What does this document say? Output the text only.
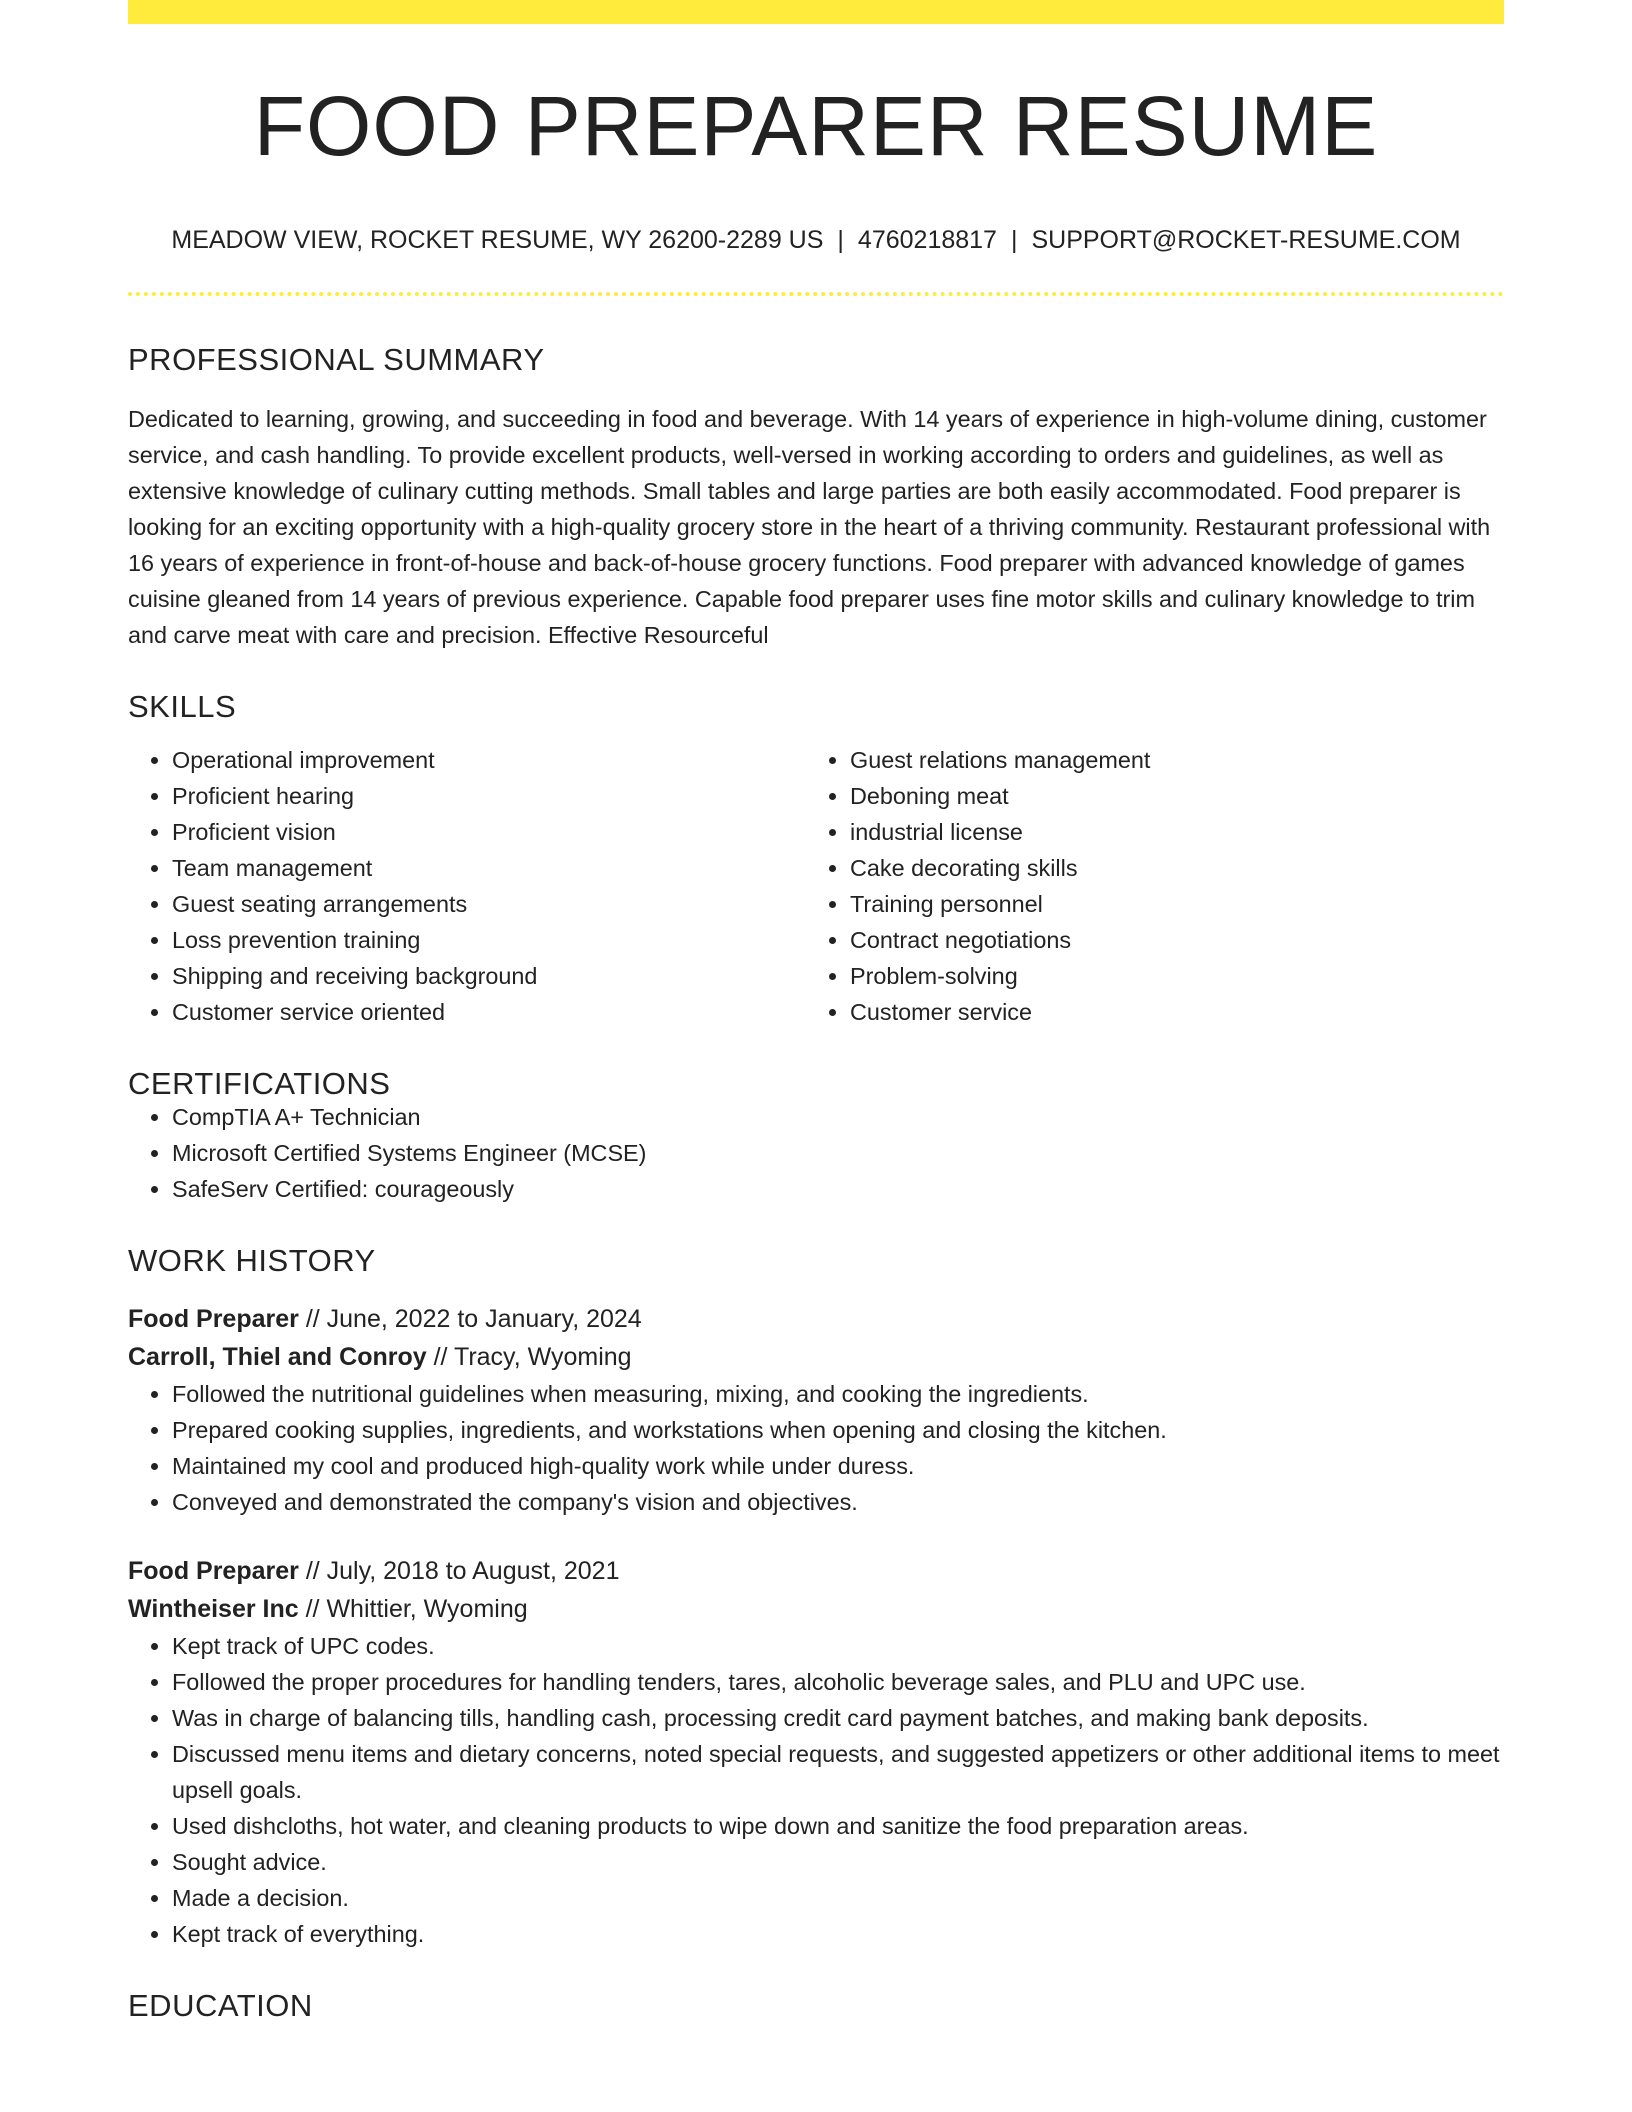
FOOD PREPARER RESUME
MEADOW VIEW, ROCKET RESUME, WY 26200-2289 US | 4760218817 | SUPPORT@ROCKET-RESUME.COM
PROFESSIONAL SUMMARY

Dedicated to learning, growing, and succeeding in food and beverage. With 14 years of experience in high-volume dining, customer service, and cash handling. To provide excellent products, well-versed in working according to orders and guidelines, as well as extensive knowledge of culinary cutting methods. Small tables and large parties are both easily accommodated. Food preparer is looking for an exciting opportunity with a high-quality grocery store in the heart of a thriving community. Restaurant professional with 16 years of experience in front-of-house and back-of-house grocery functions. Food preparer with advanced knowledge of games cuisine gleaned from 14 years of previous experience. Capable food preparer uses fine motor skills and culinary knowledge to trim and carve meat with care and precision. Effective Resourceful

SKILLS
• Operational improvement
• Proficient hearing
• Proficient vision
• Team management
• Guest seating arrangements
• Loss prevention training
• Shipping and receiving background
• Customer service oriented
• Guest relations management
• Deboning meat
• industrial license
• Cake decorating skills
• Training personnel
• Contract negotiations
• Problem-solving
• Customer service
CERTIFICATIONS
• CompTIA A+ Technician
• Microsoft Certified Systems Engineer (MCSE)
• SafeServ Certified: courageously
WORK HISTORY
Food Preparer // June, 2022 to January, 2024
Carroll, Thiel and Conroy // Tracy, Wyoming
• Followed the nutritional guidelines when measuring, mixing, and cooking the ingredients.
• Prepared cooking supplies, ingredients, and workstations when opening and closing the kitchen.
• Maintained my cool and produced high-quality work while under duress.
• Conveyed and demonstrated the company's vision and objectives.
Food Preparer // July, 2018 to August, 2021
Wintheiser Inc // Whittier, Wyoming
• Kept track of UPC codes.
• Followed the proper procedures for handling tenders, tares, alcoholic beverage sales, and PLU and UPC use.
• Was in charge of balancing tills, handling cash, processing credit card payment batches, and making bank deposits.
• Discussed menu items and dietary concerns, noted special requests, and suggested appetizers or other additional items to meet upsell goals.
• Used dishcloths, hot water, and cleaning products to wipe down and sanitize the food preparation areas.
• Sought advice.
• Made a decision.
• Kept track of everything.
EDUCATION
